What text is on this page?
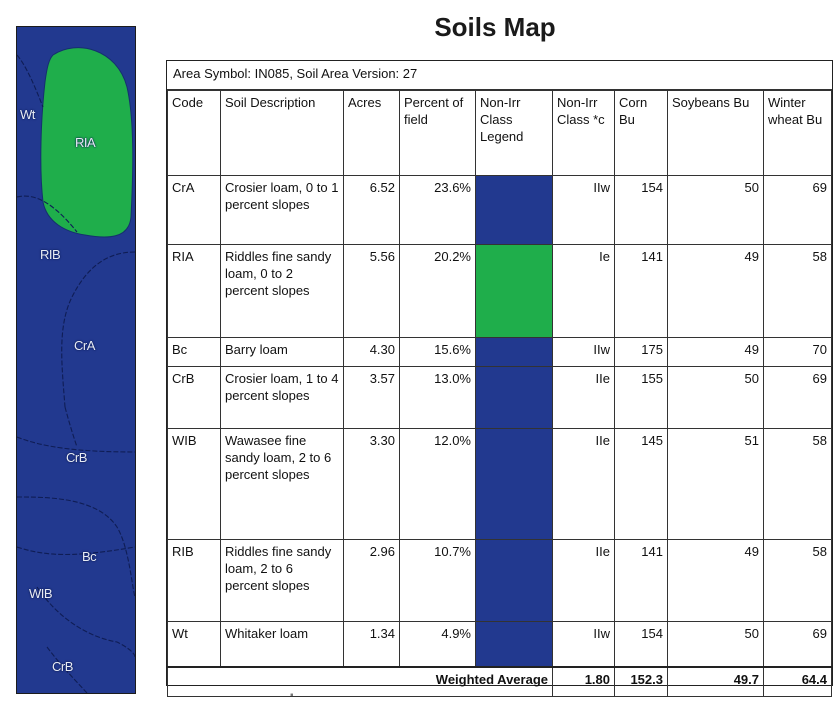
Soils Map
Wt
RIA
RIB
CrA
CrB
Bc
WIB
CrB
Area Symbol: IN085, Soil Area Version: 27
Code	Soil Description	Acres	Percent of field	Non-Irr Class Legend	Non-Irr Class *c	Corn Bu	Soybeans Bu	Winter wheat Bu
CrA	Crosier loam, 0 to 1 percent slopes	6.52	23.6%		IIw	154	50	69
RIA	Riddles fine sandy loam, 0 to 2 percent slopes	5.56	20.2%		Ie	141	49	58
Bc	Barry loam	4.30	15.6%		IIw	175	49	70
CrB	Crosier loam, 1 to 4 percent slopes	3.57	13.0%		IIe	155	50	69
WIB	Wawasee fine sandy loam, 2 to 6 percent slopes	3.30	12.0%		IIe	145	51	58
RIB	Riddles fine sandy loam, 2 to 6 percent slopes	2.96	10.7%		IIe	141	49	58
Wt	Whitaker loam	1.34	4.9%		IIw	154	50	69
Weighted Average					1.80	152.3	49.7	64.4
▪
